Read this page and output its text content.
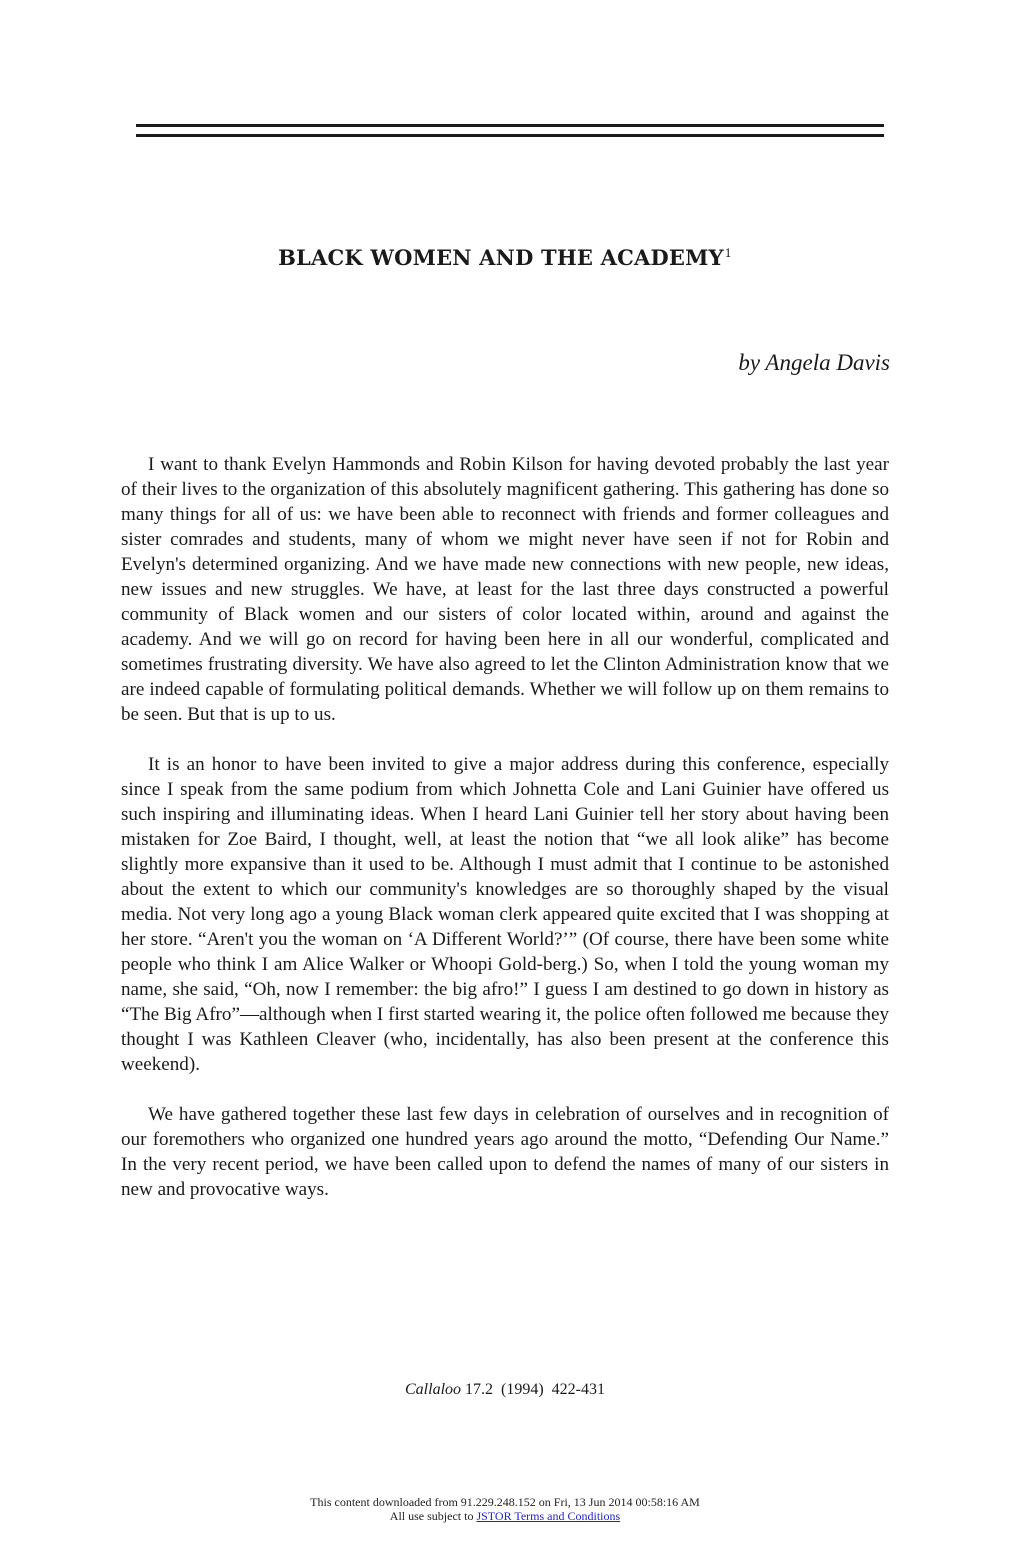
BLACK WOMEN AND THE ACADEMY$^1$
by Angela Davis

I want to thank Evelyn Hammonds and Robin Kilson for having devoted probably the last year of their lives to the organization of this absolutely magnificent gathering. This gathering has done so many things for all of us: we have been able to reconnect with friends and former colleagues and sister comrades and students, many of whom we might never have seen if not for Robin and Evelyn's determined organizing. And we have made new connections with new people, new ideas, new issues and new struggles. We have, at least for the last three days constructed a powerful community of Black women and our sisters of color located within, around and against the academy. And we will go on record for having been here in all our wonderful, complicated and sometimes frustrating diversity. We have also agreed to let the Clinton Administration know that we are indeed capable of formulating political demands. Whether we will follow up on them remains to be seen. But that is up to us.

It is an honor to have been invited to give a major address during this conference, especially since I speak from the same podium from which Johnetta Cole and Lani Guinier have offered us such inspiring and illuminating ideas. When I heard Lani Guinier tell her story about having been mistaken for Zoe Baird, I thought, well, at least the notion that “we all look alike” has become slightly more expansive than it used to be. Although I must admit that I continue to be astonished about the extent to which our community's knowledges are so thoroughly shaped by the visual media. Not very long ago a young Black woman clerk appeared quite excited that I was shopping at her store. “Aren't you the woman on ‘A Different World?’” (Of course, there have been some white people who think I am Alice Walker or Whoopi Gold-berg.) So, when I told the young woman my name, she said, “Oh, now I remember: the big afro!” I guess I am destined to go down in history as “The Big Afro”—although when I first started wearing it, the police often followed me because they thought I was Kathleen Cleaver (who, incidentally, has also been present at the conference this weekend).

We have gathered together these last few days in celebration of ourselves and in recognition of our foremothers who organized one hundred years ago around the motto, “Defending Our Name.” In the very recent period, we have been called upon to defend the names of many of our sisters in new and provocative ways.

Callaloo 17.2 (1994) 422-431
This content downloaded from 91.229.248.152 on Fri, 13 Jun 2014 00:58:16 AM
All use subject to JSTOR Terms and Conditions
